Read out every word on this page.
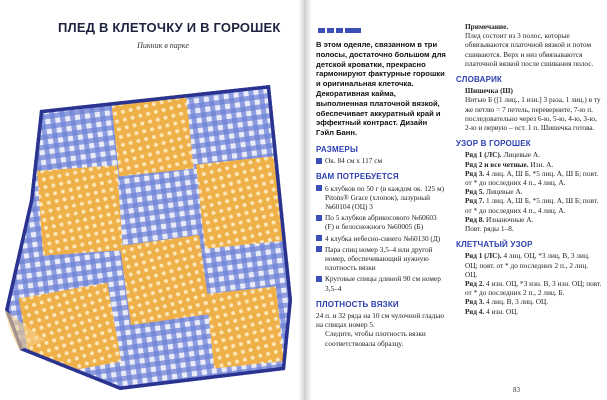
ПЛЕД В КЛЕТОЧКУ И В ГОРОШЕК
Пикник в парке	В этом одеяле, связанном в три полосы, достаточно большом для детской кроватки, прекрасно гармонируют фактурные горошки и оригинальная клеточка. Декоративная кайма, выполненная платочной вязкой, обеспечивает аккуратный край и эффектный контраст. Дизайн Гэйл Банн.

РАЗМЕРЫ
Ок. 84 см х 117 см
ВАМ ПОТРЕБУЕТСЯ
6 клубков по 50 г (в каждом ок. 125 м) Pitons® Grace (хлопок), лазурный №60104 (ОЦ) 3
По 5 клубков абрикосового №60603 (F) и белоснежного №60005 (Б)
4 клубка небесно-синего №60130 (Д)
Пара спиц номер 3,5–4 или другой номер, обеспечивающий нужную плотность вязки
Круговые спицы длиной 90 см номер 3,5–4
ПЛОТНОСТЬ ВЯЗКИ

24 п. и 32 ряда на 10 см чулочной гладью на спицах номер 5.

Следите, чтобы плотность вязки соответствовала образцу.

Примечание.

Плед состоит из 3 полос, которые обвязываются платочной вязкой и потом сшиваются. Верх и низ обвязываются платочной вязкой после сшивания полос.

СЛОВАРИК

Шишечка (Ш)

Нитью Б ([1 лиц., 1 изн.] 3 раза, 1 лиц.) в ту же петлю = 7 петель, переверните, 7-ю п. последовательно через 6-ю, 5-ю, 4-ю, 3-ю, 2-ю и первую – ост. 1 п. Шишечка готова.

УЗОР В ГОРОШЕК

Ряд 1 (ЛС). Лицевые А.

Ряд 2 и все четные. Изн. А.

Ряд 3. 4 лиц. А, Ш Б, *5 лиц. А, Ш Б; повт. от * до последних 4 п., 4 лиц. А.

Ряд 5. Лицевые А.

Ряд 7. 1 лиц. А, Ш Б, *5 лиц. А, Ш Б; повт. от * до последних 4 п., 4 лиц. А.

Ряд 8. Изнаночные А.

Повт. ряды 1–8.

КЛЕТЧАТЫЙ УЗОР

Ряд 1 (ЛС). 4 лиц. ОЦ, *3 лиц. В, 3 лиц. ОЦ; повт. от * до последних 2 п., 2 лиц. ОЦ.

Ряд 2. 4 изн. ОЦ, *3 изн. В, 3 изн. ОЦ; повт. от * до последних 2 п., 2 лиц. Б.

Ряд 3. 4 лиц. В, 3 лиц. ОЦ.

Ряд 4. 4 изн. ОЦ.

83
